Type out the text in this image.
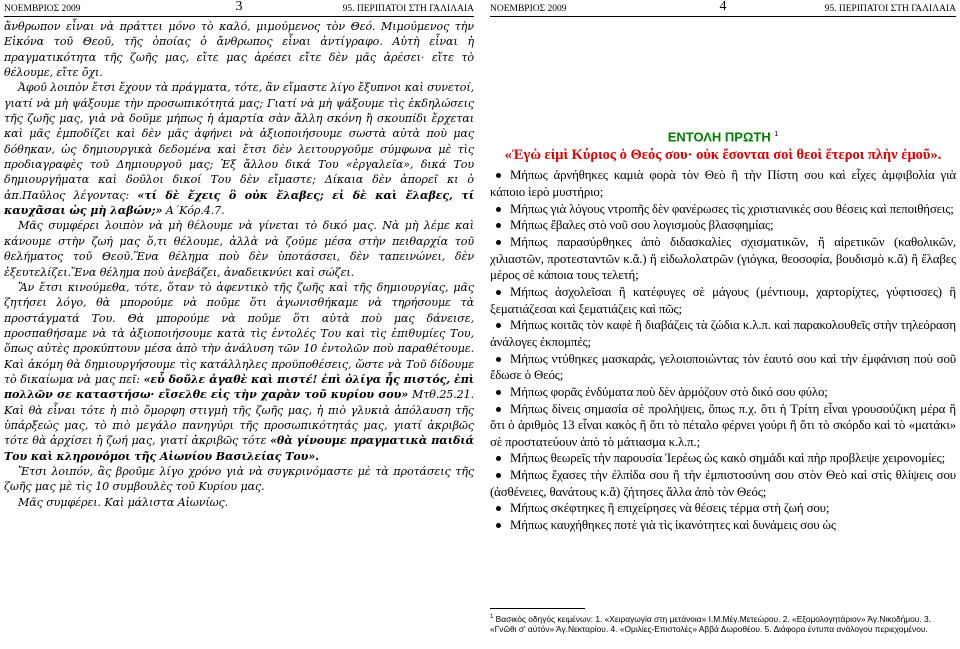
ΝΟΕΜΒΡΙΟΣ 2009	3	95. ΠΕΡΙΠΑΤΟΙ ΣΤΗ ΓΑΛΙΛΑΙΑ

ἄνθρωπον εἶναι νὰ πράττει μόνο τὸ καλό, μιμούμενος τὸν Θεό. Μιμούμενος τὴν Εἰκόνα τοῦ Θεοῦ, τῆς ὁποίας ὁ ἄνθρωπος εἶναι ἀντίγραφο. Αὐτὴ εἶναι ἡ πραγματικότητα τῆς ζωῆς μας, εἴτε μας ἀρέσει εἴτε δὲν μᾶς ἀρέσει· εἴτε τὸ θέλουμε, εἴτε ὄχι.

Ἀφοῦ λοιπὸν ἔτσι ἔχουν τὰ πράγματα, τότε, ἂν εἴμαστε λίγο ἔξυπνοι καὶ συνετοί, γιατί νὰ μὴ ψάξουμε τὴν προσωπικότητά μας; Γιατί νὰ μὴ ψάξουμε τὶς ἐκδηλώσεις τῆς ζωῆς μας, γιὰ νὰ δοῦμε μήπως ἡ ἁμαρτία σὰν ἄλλη σκόνη ἢ σκουπίδι ἔρχεται καὶ μᾶς ἐμποδίζει καὶ δὲν μᾶς ἀφήνει νὰ ἀξιοποιήσουμε σωστὰ αὐτὰ ποὺ μας δόθηκαν, ὡς δημιουργικὰ δεδομένα καὶ ἔτσι δὲν λειτουργοῦμε σύμφωνα μὲ τὶς προδιαγραφὲς τοῦ Δημιουργοῦ μας; Ἐξ ἄλλου δικά Του «ἐργαλεῖα», δικά Του δημιουργήματα καὶ δοῦλοι δικοί Του δὲν εἴμαστε; Δίκαια δὲν ἀπορεῖ κι ὁ ἀπ.Παῦλος λέγοντας: «τί δὲ ἔχεις ὃ οὐκ ἔλαβες; εἰ δὲ καὶ ἔλαβες, τί καυχᾶσαι ὡς μὴ λαβών;» Α΄Κόρ.4.7.

Μᾶς συμφέρει λοιπὸν νὰ μὴ θέλουμε νὰ γίνεται τὸ δικό μας. Νὰ μὴ λέμε καὶ κάνουμε στὴν ζωή μας ὅ,τι θέλουμε, ἀλλὰ νὰ ζούμε μέσα στὴν πειθαρχία τοῦ θελήματος τοῦ Θεοῦ.Ἕνα θέλημα ποὺ δὲν ὑποτάσσει, δὲν ταπεινώνει, δὲν ἐξευτελίζει.Ἕνα θέλημα ποὺ ἀνεβάζει, ἀναδεικνύει καὶ σώζει.

Ἂν ἔτσι κινούμεθα, τότε, ὅταν τὸ ἀφεντικὸ τῆς ζωῆς καὶ τῆς δημιουργίας, μᾶς ζητήσει λόγο, θὰ μπορούμε νὰ ποῦμε ὅτι ἀγωνισθήκαμε νὰ τηρήσουμε τὰ προστάγματά Του. Θὰ μπορούμε νὰ ποῦμε ὅτι αὐτὰ ποὺ μας δάνεισε, προσπαθήσαμε νὰ τὰ ἀξιοποιήσουμε κατὰ τὶς ἐντολές Του καὶ τὶς ἐπιθυμίες Του, ὅπως αὐτὲς προκύπτουν μέσα ἀπὸ τὴν ἀνάλυση τῶν 10 ἐντολῶν ποὺ παραθέτουμε. Καὶ ἀκόμη θὰ δημιουργήσουμε τὶς κατάλληλες προϋποθέσεις, ὥστε νὰ Τοῦ δίδουμε τὸ δικαίωμα νὰ μας πεῖ: «εὖ δοῦλε ἀγαθὲ καὶ πιστέ! ἐπὶ ὀλίγα ἦς πιστός, ἐπὶ πολλῶν σε καταστήσω· εἴσελθε εἰς τὴν χαρὰν τοῦ κυρίου σου» Μτθ.25.21. Καὶ θὰ εἶναι τότε ἡ πιὸ ὄμορφη στιγμὴ τῆς ζωῆς μας, ἡ πιὸ γλυκιὰ ἀπόλαυση τῆς ὑπάρξεώς μας, τὸ πιὸ μεγάλο πανηγύρι τῆς προσωπικότητάς μας, γιατί ἀκριβῶς τότε θὰ ἀρχίσει ἡ ζωή μας, γιατί ἀκριβῶς τότε «θὰ γίνουμε πραγματικὰ παιδιά Του καὶ κληρονόμοι τῆς Αἰωνίου Βασιλείας Του».

Ἔτσι λοιπόν, ἂς βροῦμε λίγο χρόνο γιὰ νὰ συγκρινόμαστε μὲ τὰ προτάσεις τῆς ζωῆς μας μὲ τὶς 10 συμβουλὲς τοῦ Κυρίου μας.

Μᾶς συμφέρει. Καὶ μάλιστα Αἰωνίως.

ΝΟΕΜΒΡΙΟΣ 2009	4	95. ΠΕΡΙΠΑΤΟΙ ΣΤΗ ΓΑΛΙΛΑΙΑ
ΕΝΤΟΛΗ ΠΡΩΤΗ $^1$
«Ἐγὼ εἰμὶ Κύριος ὁ Θεός σου· οὐκ ἔσονται σοὶ θεοὶ ἕτεροι πλὴν ἐμοῦ».
Μήπως ἀρνήθηκες καμιὰ φορὰ τὸν Θεὸ ἢ τὴν Πίστη σου καὶ εἶχες ἀμφιβολία γιὰ κάποιο ἱερὸ μυστήριο;
Μήπως γιὰ λόγους ντροπῆς δὲν φανέρωσες τὶς χριστιανικές σου θέσεις καὶ πεποιθήσεις;
Μήπως ἔβαλες στὸ νοῦ σου λογισμοὺς βλασφημίας;
Μήπως παρασύρθηκες ἀπὸ διδασκαλίες σχισματικῶν, ἢ αἱρετικῶν (καθολικῶν, χιλιαστῶν, προτεσταντῶν κ.ἄ.) ἢ εἰδωλολατρῶν (γιόγκα, θεοσοφία, βουδισμὸ κ.ἄ) ἢ ἔλαβες μέρος σὲ κάποια τους τελετή;
Μήπως ἀσχολεῖσαι ἢ κατέφυγες σὲ μάγους (μέντιουμ, χαρτορίχτες, γύφτισσες) ἢ ξεματιάζεσαι καὶ ξεματιάζεις καὶ πῶς;
Μήπως κοιτᾶς τὸν καφὲ ἢ διαβάζεις τὰ ζώδια κ.λ.π. καὶ παρακολουθεῖς στὴν τηλεόραση ἀνάλογες ἐκπομπές;
Μήπως ντύθηκες μασκαράς, γελοιοποιώντας τὸν ἑαυτό σου καὶ τὴν ἐμφάνιση ποὺ σοῦ ἔδωσε ὁ Θεός;
Μήπως φορᾶς ἐνδύματα ποὺ δὲν ἁρμόζουν στὸ δικό σου φύλο;
Μήπως δίνεις σημασία σὲ προλήψεις, ὅπως π.χ. ὅτι ἡ Τρίτη εἶναι γρουσούζικη μέρα ἢ ὅτι ὁ ἀριθμὸς 13 εἶναι κακὸς ἢ ὅτι τὸ πέταλο φέρνει γούρι ἢ ὅτι τὸ σκόρδο καὶ τὸ «ματάκι» σὲ προστατεύουν ἀπὸ τὸ μάτιασμα κ.λ.π.;
Μήπως θεωρεῖς τὴν παρουσία Ἱερέως ὡς κακὸ σημάδι καὶ πὴρ προβλεψε χειρονομίες;
Μήπως ἔχασες τὴν ἐλπίδα σου ἢ τὴν ἐμπιστοσύνη σου στὸν Θεὸ καὶ στὶς θλίψεις σου (ἀσθένειες, θανάτους κ.ἄ) ζήτησες ἄλλα ἀπὸ τὸν Θεός;
Μήπως σκέφτηκες ἢ επιχείρησες νὰ θέσεις τέρμα στὴ ζωή σου;
Μήπως καυχήθηκες ποτὲ γιὰ τὶς ἱκανότητες καὶ δυνάμεις σου ὡς
$^1$ Βασικός οδηγός κειμένων: 1. «Χειραγωγία στη μετάνοια» Ι.Μ.Μέγ.Μετεώρου. 2. «Εξομολογητάριον» Άγ.Νικοδήμου. 3. «Γνῶθι σ' αὐτόν» Άγ.Νεκταρίου. 4. «Ομιλίες-Επιστολές» Αββά Δωροθέου. 5. Διάφορα έντυπα ανάλογου περιεχομένου.
